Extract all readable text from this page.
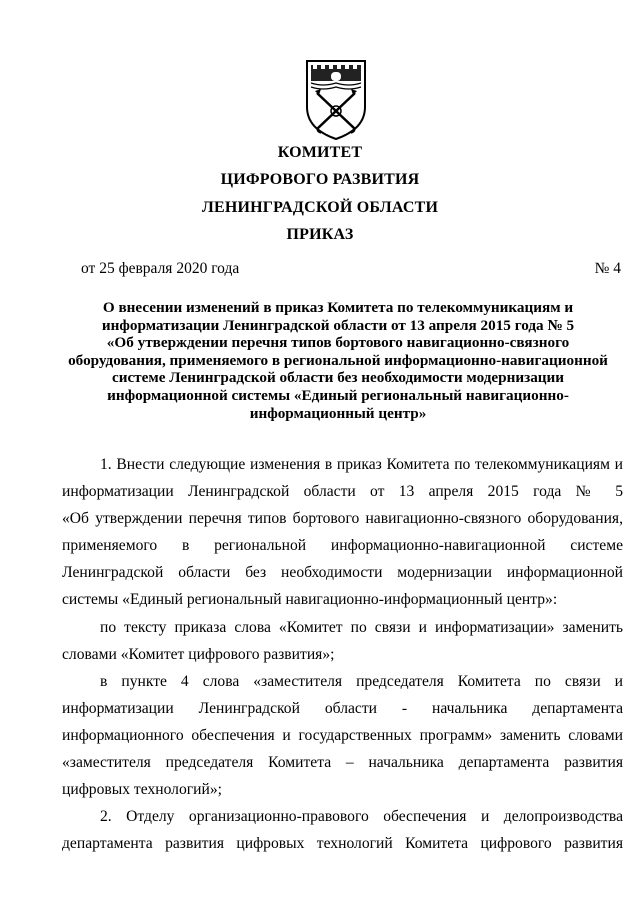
КОМИТЕТ
ЦИФРОВОГО РАЗВИТИЯ
ЛЕНИНГРАДСКОЙ ОБЛАСТИ
ПРИКАЗ
от 25 февраля 2020 года	№ 4
О внесении изменений в приказ Комитета по телекоммуникациям и
информатизации Ленинградской области от 13 апреля 2015 года № 5
«Об утверждении перечня типов бортового навигационно-связного
оборудования, применяемого в региональной информационно-навигационной
системе Ленинградской области без необходимости модернизации
информационной системы «Единый региональный навигационно-
информационный центр»
1. Внести следующие изменения в приказ Комитета по телекоммуникациям и
информатизации Ленинградской области от 13 апреля 2015 года № 5
«Об утверждении перечня типов бортового навигационно-связного оборудования,
применяемого в региональной информационно-навигационной системе
Ленинградской области без необходимости модернизации информационной
системы «Единый региональный навигационно-информационный центр»:
по тексту приказа слова «Комитет по связи и информатизации» заменить
словами «Комитет цифрового развития»;
в пункте 4 слова «заместителя председателя Комитета по связи и
информатизации Ленинградской области - начальника департамента
информационного обеспечения и государственных программ» заменить словами
«заместителя председателя Комитета – начальника департамента развития
цифровых технологий»;
2. Отделу организационно-правового обеспечения и делопроизводства
департамента развития цифровых технологий Комитета цифрового развития
